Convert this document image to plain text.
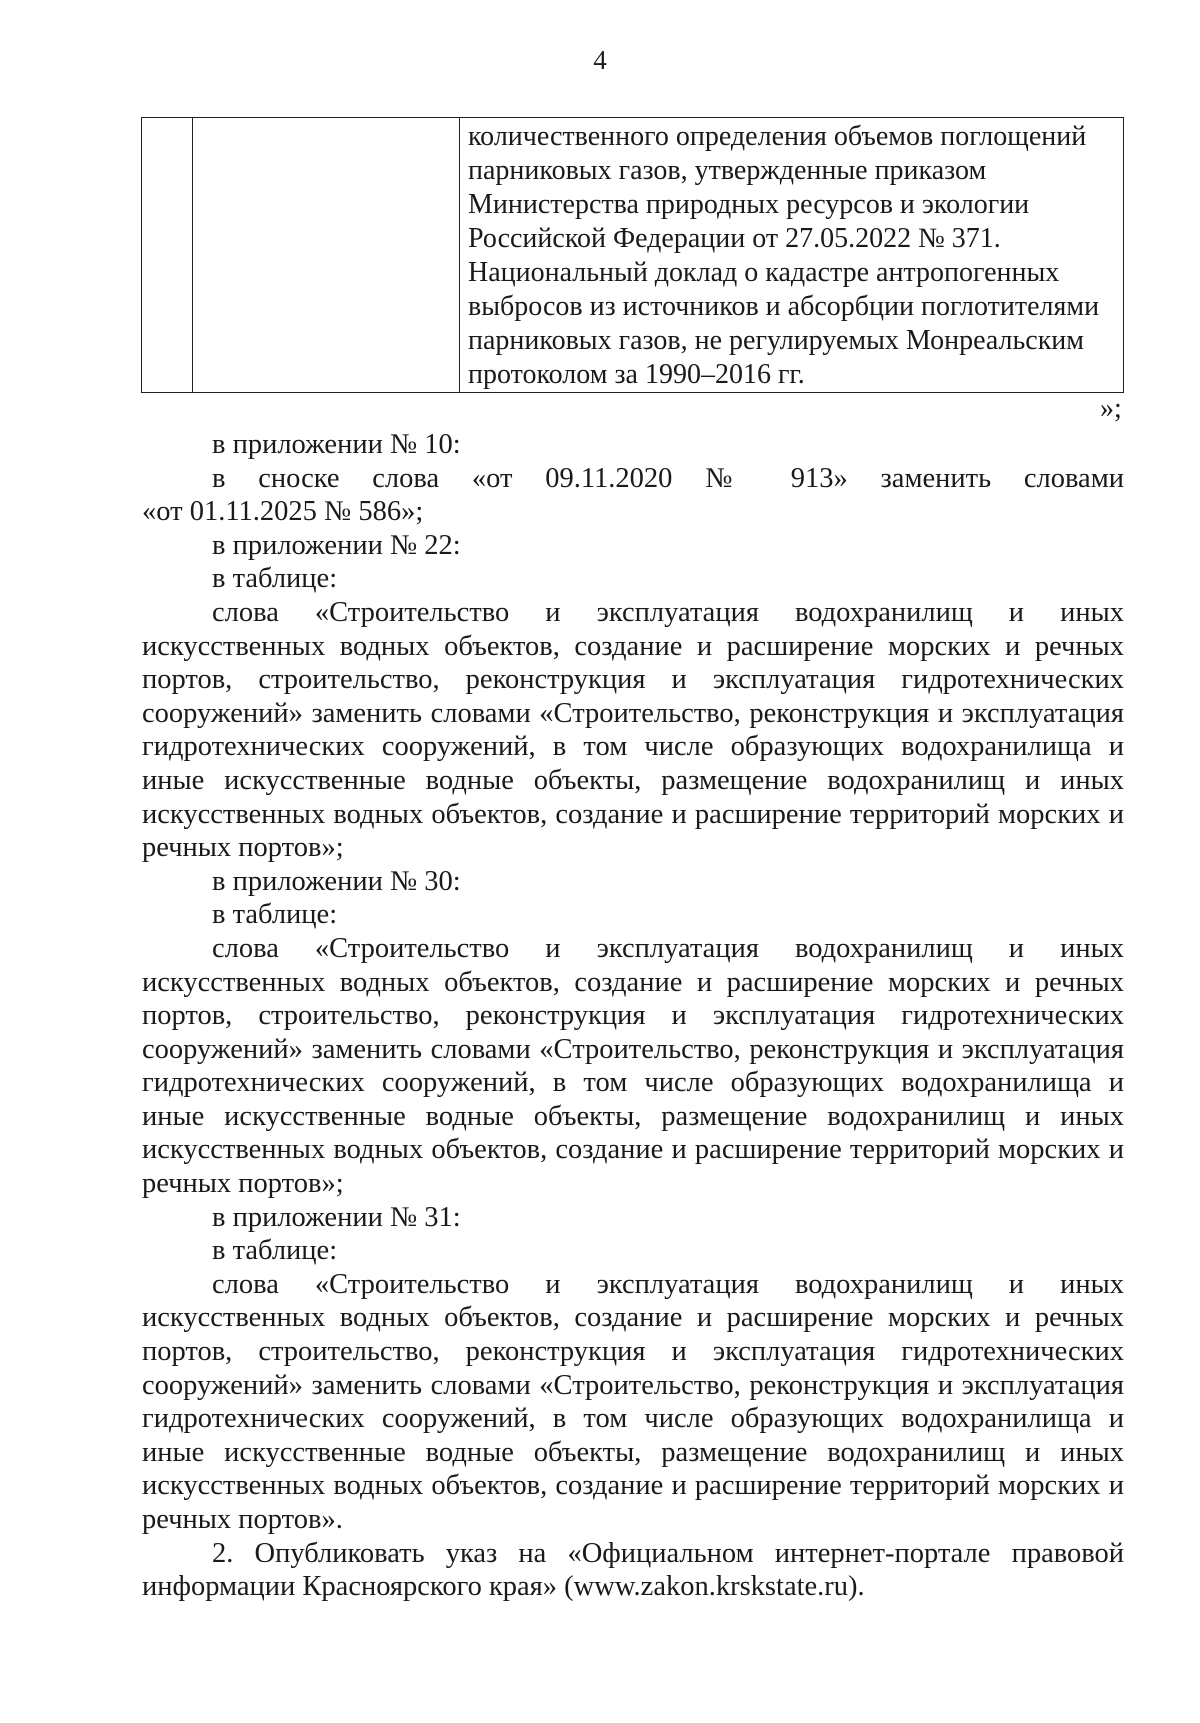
4

количественного определения объемов поглощений
парниковых газов, утвержденные приказом
Министерства природных ресурсов и экологии
Российской Федерации от 27.05.2022 № 371.
Национальный доклад о кадастре антропогенных
выбросов из источников и абсорбции поглотителями
парниковых газов, не регулируемых Монреальским
протоколом за 1990–2016 гг.
»;
в приложении № 10:
в сноске слова «от 09.11.2020 № 913» заменить словами
«от 01.11.2025 № 586»;
в приложении № 22:
в таблице:
слова «Строительство и эксплуатация водохранилищ и иных
искусственных водных объектов, создание и расширение морских и речных
портов, строительство, реконструкция и эксплуатация гидротехнических
сооружений» заменить словами «Строительство, реконструкция и эксплуатация
гидротехнических сооружений, в том числе образующих водохранилища и
иные искусственные водные объекты, размещение водохранилищ и иных
искусственных водных объектов, создание и расширение территорий морских и
речных портов»;
в приложении № 30:
в таблице:
слова «Строительство и эксплуатация водохранилищ и иных
искусственных водных объектов, создание и расширение морских и речных
портов, строительство, реконструкция и эксплуатация гидротехнических
сооружений» заменить словами «Строительство, реконструкция и эксплуатация
гидротехнических сооружений, в том числе образующих водохранилища и
иные искусственные водные объекты, размещение водохранилищ и иных
искусственных водных объектов, создание и расширение территорий морских и
речных портов»;
в приложении № 31:
в таблице:
слова «Строительство и эксплуатация водохранилищ и иных
искусственных водных объектов, создание и расширение морских и речных
портов, строительство, реконструкция и эксплуатация гидротехнических
сооружений» заменить словами «Строительство, реконструкция и эксплуатация
гидротехнических сооружений, в том числе образующих водохранилища и
иные искусственные водные объекты, размещение водохранилищ и иных
искусственных водных объектов, создание и расширение территорий морских и
речных портов».
2. Опубликовать указ на «Официальном интернет-портале правовой
информации Красноярского края» (www.zakon.krskstate.ru).
